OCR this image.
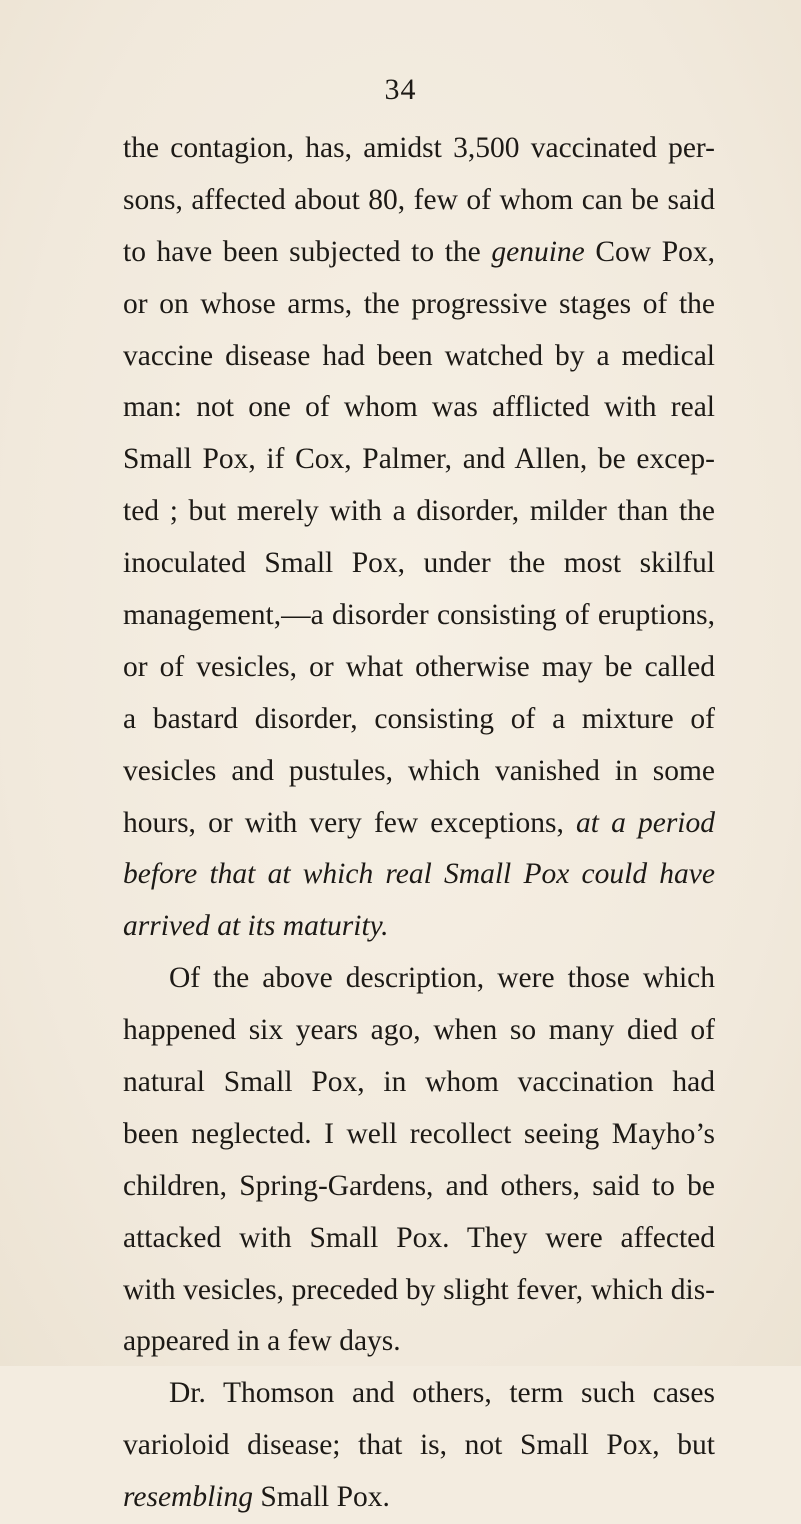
34
the contagion, has, amidst 3,500 vaccinated per-
sons, affected about 80, few of whom can be said
to have been subjected to the genuine Cow Pox,
or on whose arms, the progressive stages of the
vaccine disease had been watched by a medical
man: not one of whom was afflicted with real
Small Pox, if Cox, Palmer, and Allen, be excep-
ted ; but merely with a disorder, milder than the
inoculated Small Pox, under the most skilful
management,—a disorder consisting of eruptions,
or of vesicles, or what otherwise may be called
a bastard disorder, consisting of a mixture of
vesicles and pustules, which vanished in some
hours, or with very few exceptions, at a period
before that at which real Small Pox could have
arrived at its maturity.
Of the above description, were those which
happened six years ago, when so many died of
natural Small Pox, in whom vaccination had
been neglected. I well recollect seeing Mayho’s
children, Spring-Gardens, and others, said to be
attacked with Small Pox. They were affected
with vesicles, preceded by slight fever, which dis-
appeared in a few days.
Dr. Thomson and others, term such cases
varioloid disease; that is, not Small Pox, but
resembling Small Pox.
